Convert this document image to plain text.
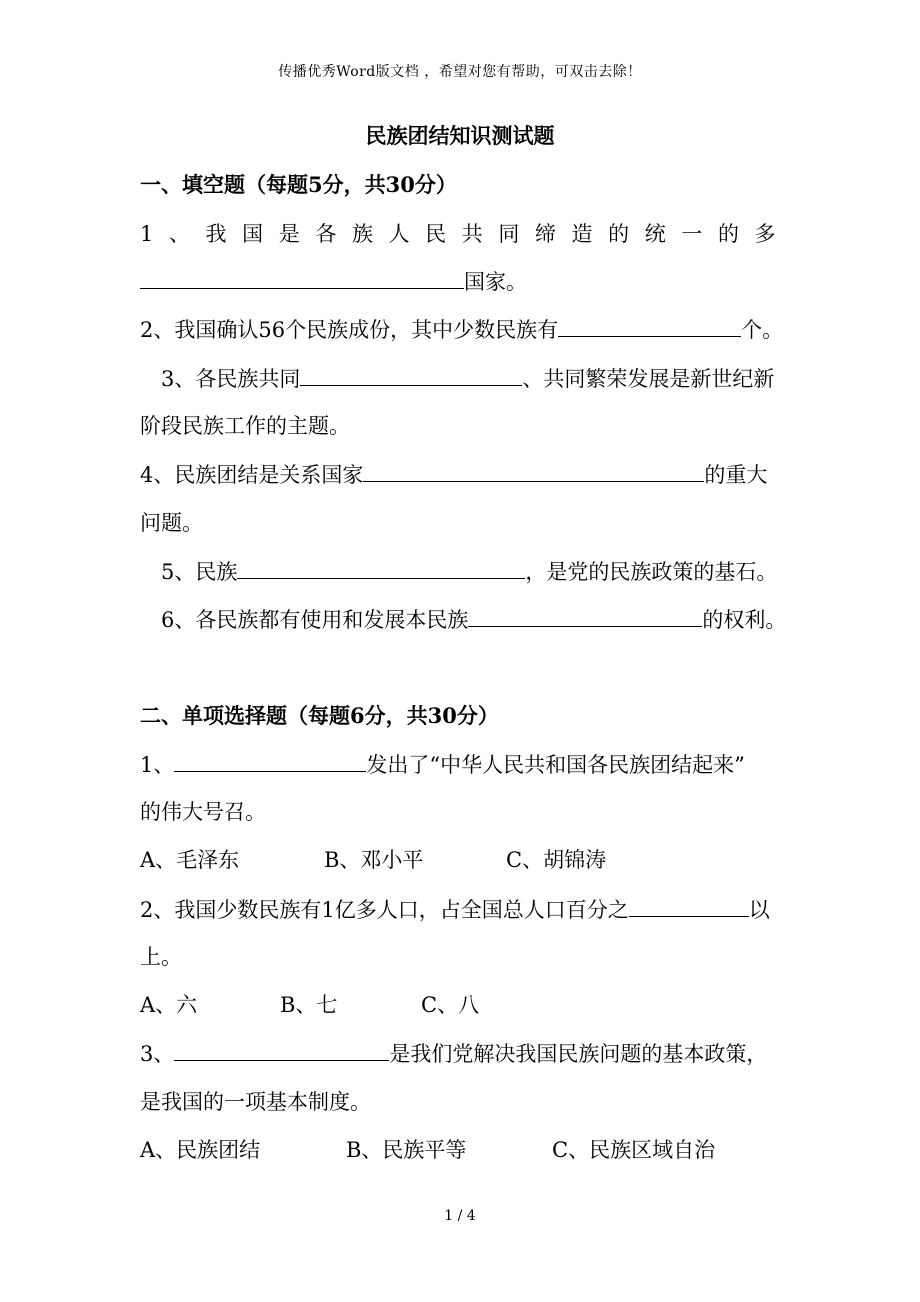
传播优秀Word版文档 ，希望对您有帮助，可双击去除！
民族团结知识测试题
一、填空题（每题5分，共30分）
1、我国是各族人民共同缔造的统一的多
国家。
2、我国确认56个民族成份，其中少数民族有	个。
3、各民族共同	、共同繁荣发展是新世纪新
阶段民族工作的主题。
4、民族团结是关系国家	的重大
问题。
5、民族	，是党的民族政策的基石。
6、各民族都有使用和发展本民族	的权利。
二、单项选择题（每题6分，共30分）
1、	发出了“中华人民共和国各民族团结起来”
的伟大号召。
A、毛泽东	B、邓小平	C、胡锦涛
2、我国少数民族有1亿多人口，占全国总人口百分之	以
上。
A、六	B、七	C、八
3、	是我们党解决我国民族问题的基本政策，
是我国的一项基本制度。
A、民族团结	B、民族平等	C、民族区域自治
1 / 4
